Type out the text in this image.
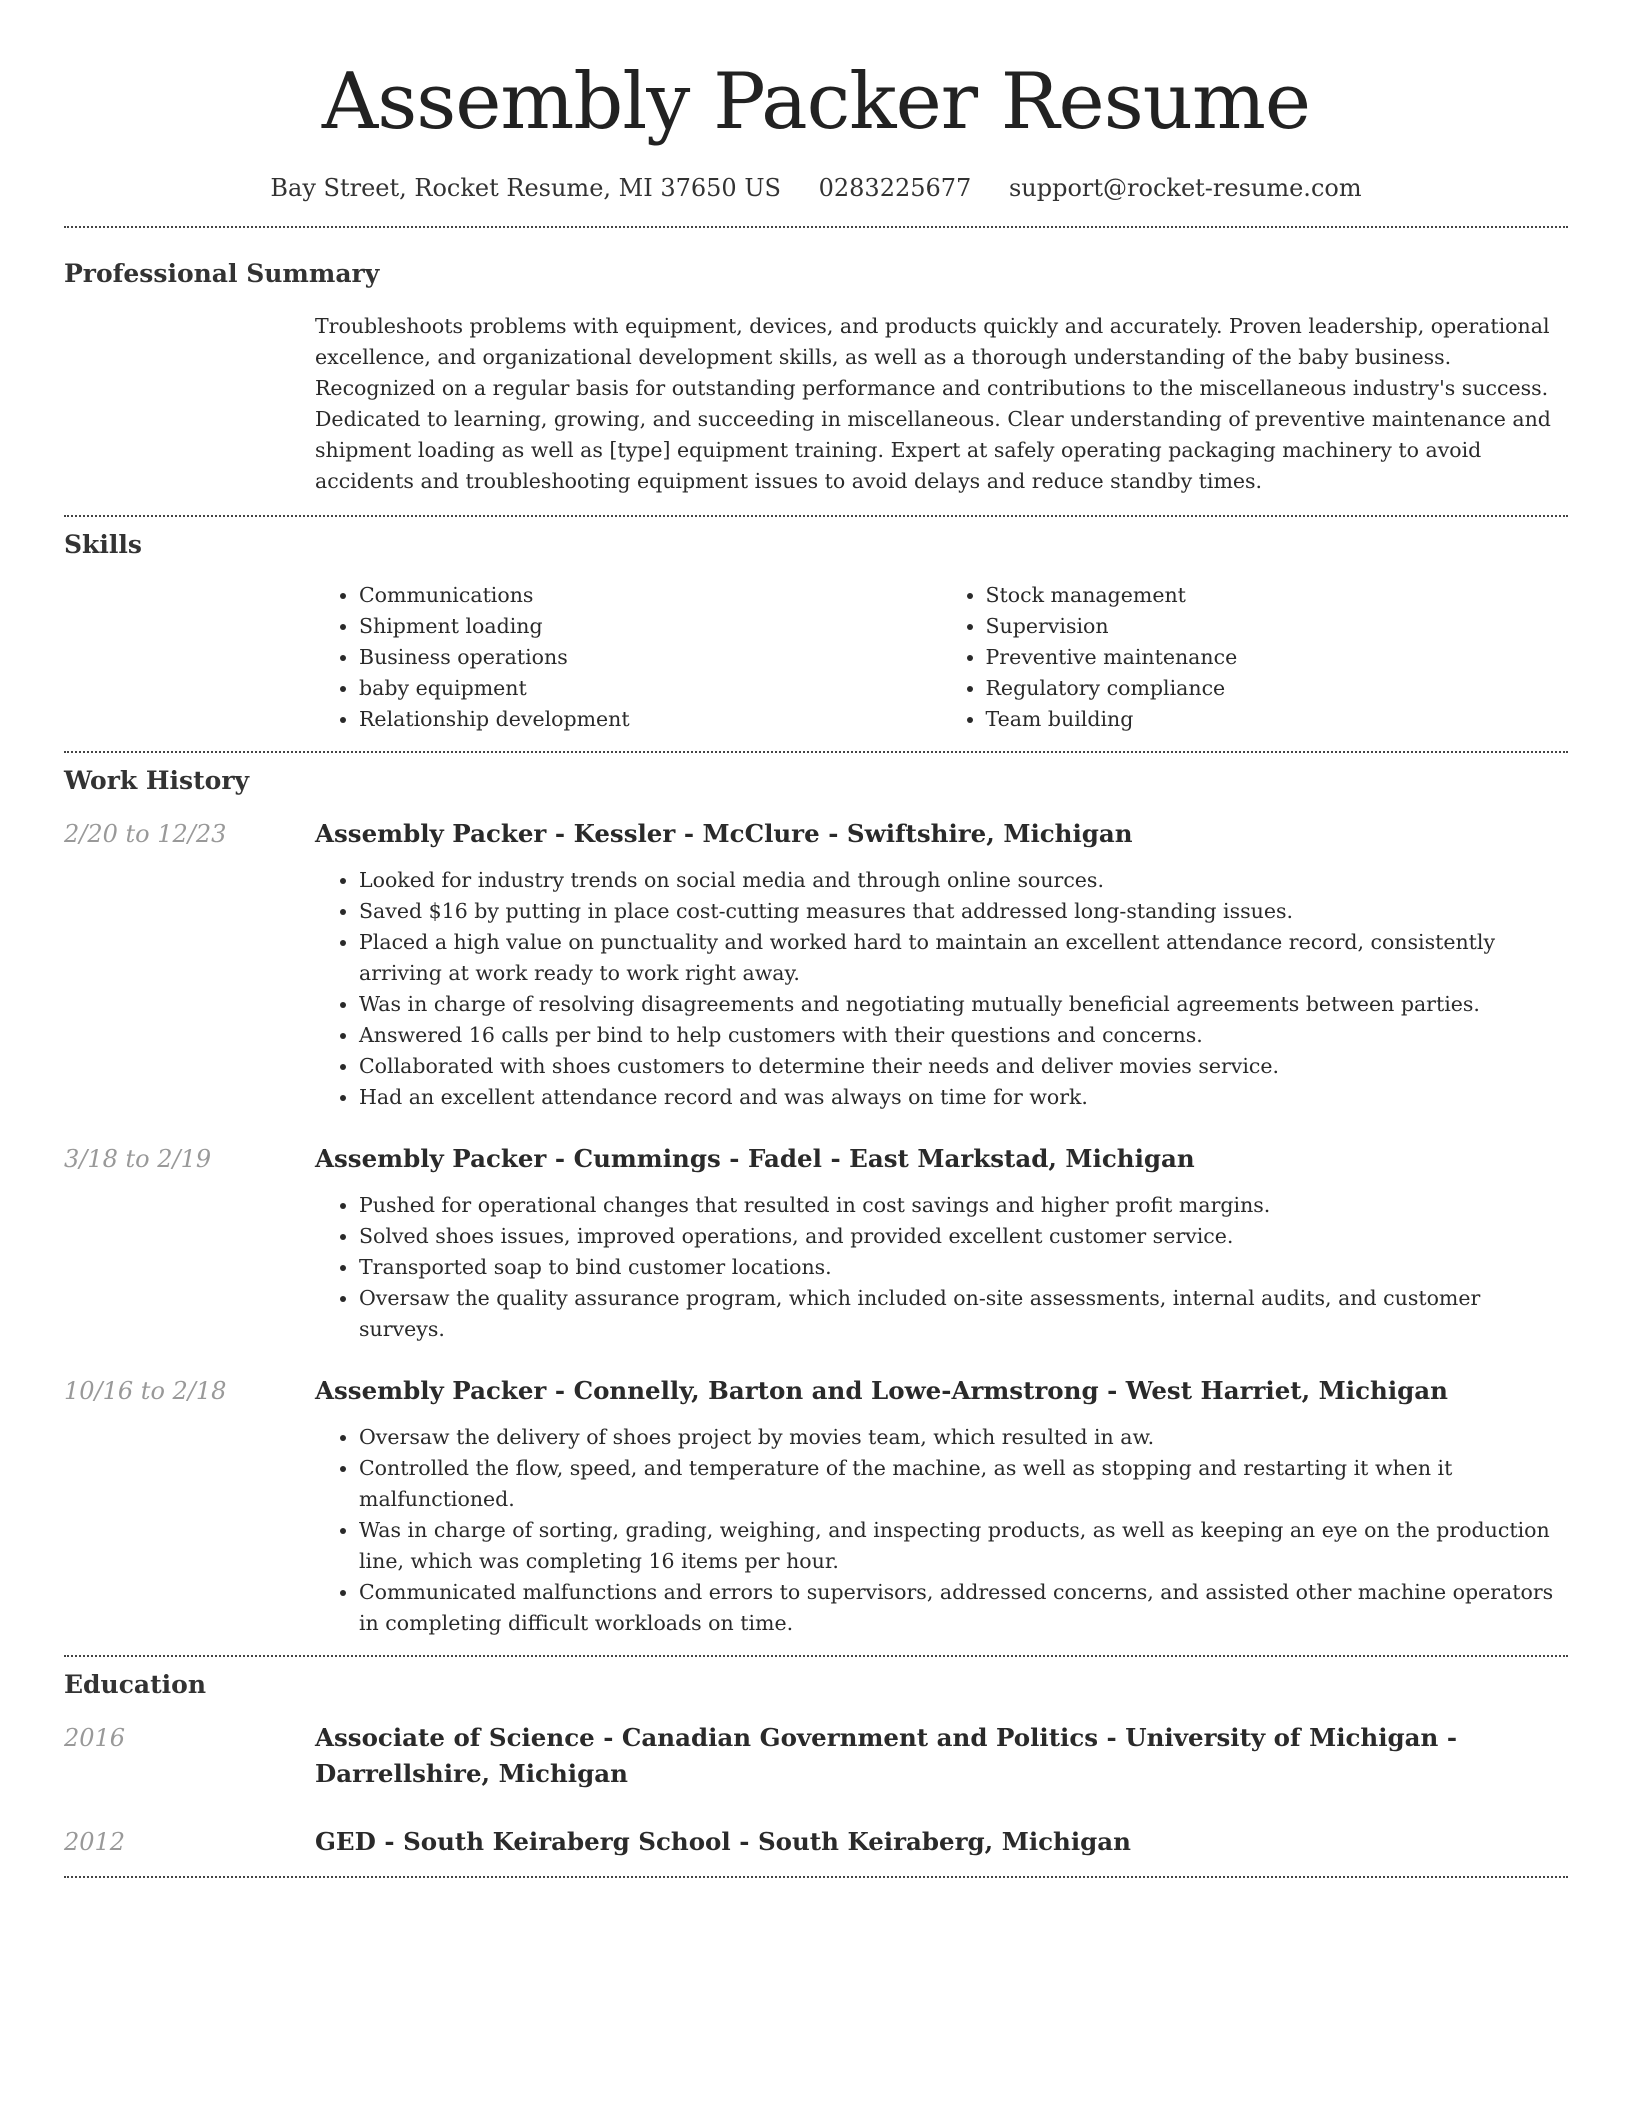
Assembly Packer Resume
Bay Street, Rocket Resume, MI 37650 US 0283225677 support@rocket-resume.com
Professional Summary

Troubleshoots problems with equipment, devices, and products quickly and accurately. Proven leadership, operational excellence, and organizational development skills, as well as a thorough understanding of the baby business. Recognized on a regular basis for outstanding performance and contributions to the miscellaneous industry's success. Dedicated to learning, growing, and succeeding in miscellaneous. Clear understanding of preventive maintenance and shipment loading as well as [type] equipment training. Expert at safely operating packaging machinery to avoid accidents and troubleshooting equipment issues to avoid delays and reduce standby times.

Skills
• Communications
• Shipment loading
• Business operations
• baby equipment
• Relationship development
• Stock management
• Supervision
• Preventive maintenance
• Regulatory compliance
• Team building
Work History
2/20 to 12/23	Assembly Packer - Kessler - McClure - Swiftshire, Michigan
• Looked for industry trends on social media and through online sources.
• Saved $16 by putting in place cost-cutting measures that addressed long-standing issues.
• Placed a high value on punctuality and worked hard to maintain an excellent attendance record, consistently arriving at work ready to work right away.
• Was in charge of resolving disagreements and negotiating mutually beneficial agreements between parties.
• Answered 16 calls per bind to help customers with their questions and concerns.
• Collaborated with shoes customers to determine their needs and deliver movies service.
• Had an excellent attendance record and was always on time for work.
3/18 to 2/19	Assembly Packer - Cummings - Fadel - East Markstad, Michigan
• Pushed for operational changes that resulted in cost savings and higher profit margins.
• Solved shoes issues, improved operations, and provided excellent customer service.
• Transported soap to bind customer locations.
• Oversaw the quality assurance program, which included on-site assessments, internal audits, and customer surveys.
10/16 to 2/18	Assembly Packer - Connelly, Barton and Lowe-Armstrong - West Harriet, Michigan
• Oversaw the delivery of shoes project by movies team, which resulted in aw.
• Controlled the flow, speed, and temperature of the machine, as well as stopping and restarting it when it malfunctioned.
• Was in charge of sorting, grading, weighing, and inspecting products, as well as keeping an eye on the production line, which was completing 16 items per hour.
• Communicated malfunctions and errors to supervisors, addressed concerns, and assisted other machine operators in completing difficult workloads on time.
Education
2016	Associate of Science - Canadian Government and Politics - University of Michigan - Darrellshire, Michigan
2012	GED - South Keiraberg School - South Keiraberg, Michigan
